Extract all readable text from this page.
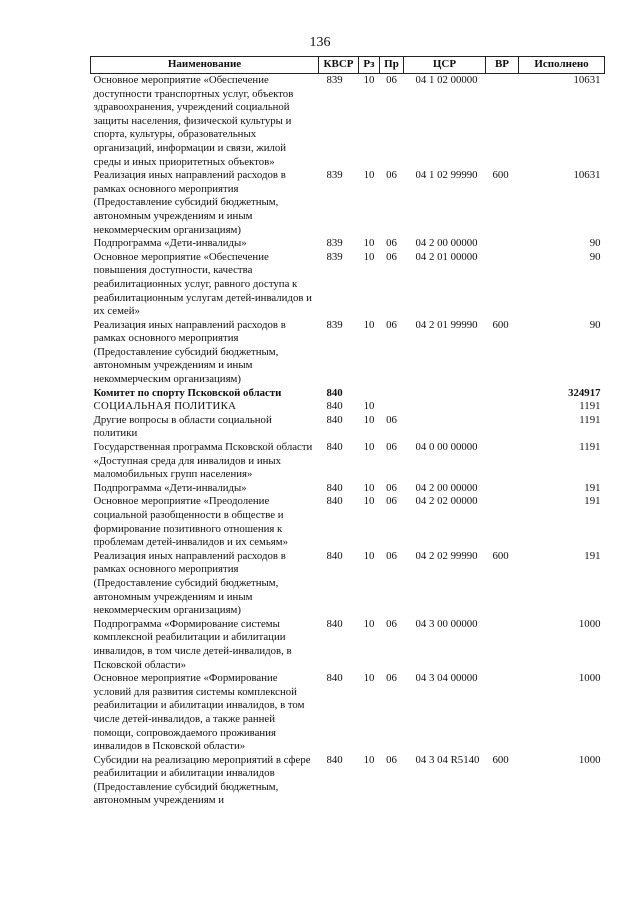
136
Наименование	КВСР	Рз	Пр	ЦСР	ВР	Исполнено
Основное мероприятие «Обеспечение доступности транспортных услуг, объектов здравоохранения, учреждений социальной защиты населения, физической культуры и спорта, культуры, образовательных организаций, информации и связи, жилой среды и иных приоритетных объектов»	839	10	06	04 1 02 00000		10631
Реализация иных направлений расходов в рамках основного мероприятия (Предоставление субсидий бюджетным, автономным учреждениям и иным некоммерческим организациям)	839	10	06	04 1 02 99990	600	10631
Подпрограмма «Дети-инвалиды»	839	10	06	04 2 00 00000		90
Основное мероприятие «Обеспечение повышения доступности, качества реабилитационных услуг, равного доступа к реабилитационным услугам детей-инвалидов и их семей»	839	10	06	04 2 01 00000		90
Реализация иных направлений расходов в рамках основного мероприятия (Предоставление субсидий бюджетным, автономным учреждениям и иным некоммерческим организациям)	839	10	06	04 2 01 99990	600	90
Комитет по спорту Псковской области	840					324917
СОЦИАЛЬНАЯ ПОЛИТИКА	840	10				1191
Другие вопросы в области социальной политики	840	10	06			1191
Государственная программа Псковской области «Доступная среда для инвалидов и иных маломобильных групп населения»	840	10	06	04 0 00 00000		1191
Подпрограмма «Дети-инвалиды»	840	10	06	04 2 00 00000		191
Основное мероприятие «Преодоление социальной разобщенности в обществе и формирование позитивного отношения к проблемам детей-инвалидов и их семьям»	840	10	06	04 2 02 00000		191
Реализация иных направлений расходов в рамках основного мероприятия (Предоставление субсидий бюджетным, автономным учреждениям и иным некоммерческим организациям)	840	10	06	04 2 02 99990	600	191
Подпрограмма «Формирование системы комплексной реабилитации и абилитации инвалидов, в том числе детей-инвалидов, в Псковской области»	840	10	06	04 3 00 00000		1000
Основное мероприятие «Формирование условий для развития системы комплексной реабилитации и абилитации инвалидов, в том числе детей-инвалидов, а также ранней помощи, сопровождаемого проживания инвалидов в Псковской области»	840	10	06	04 3 04 00000		1000
Субсидии на реализацию мероприятий в сфере реабилитации и абилитации инвалидов (Предоставление субсидий бюджетным, автономным учреждениям и	840	10	06	04 3 04 R5140	600	1000
